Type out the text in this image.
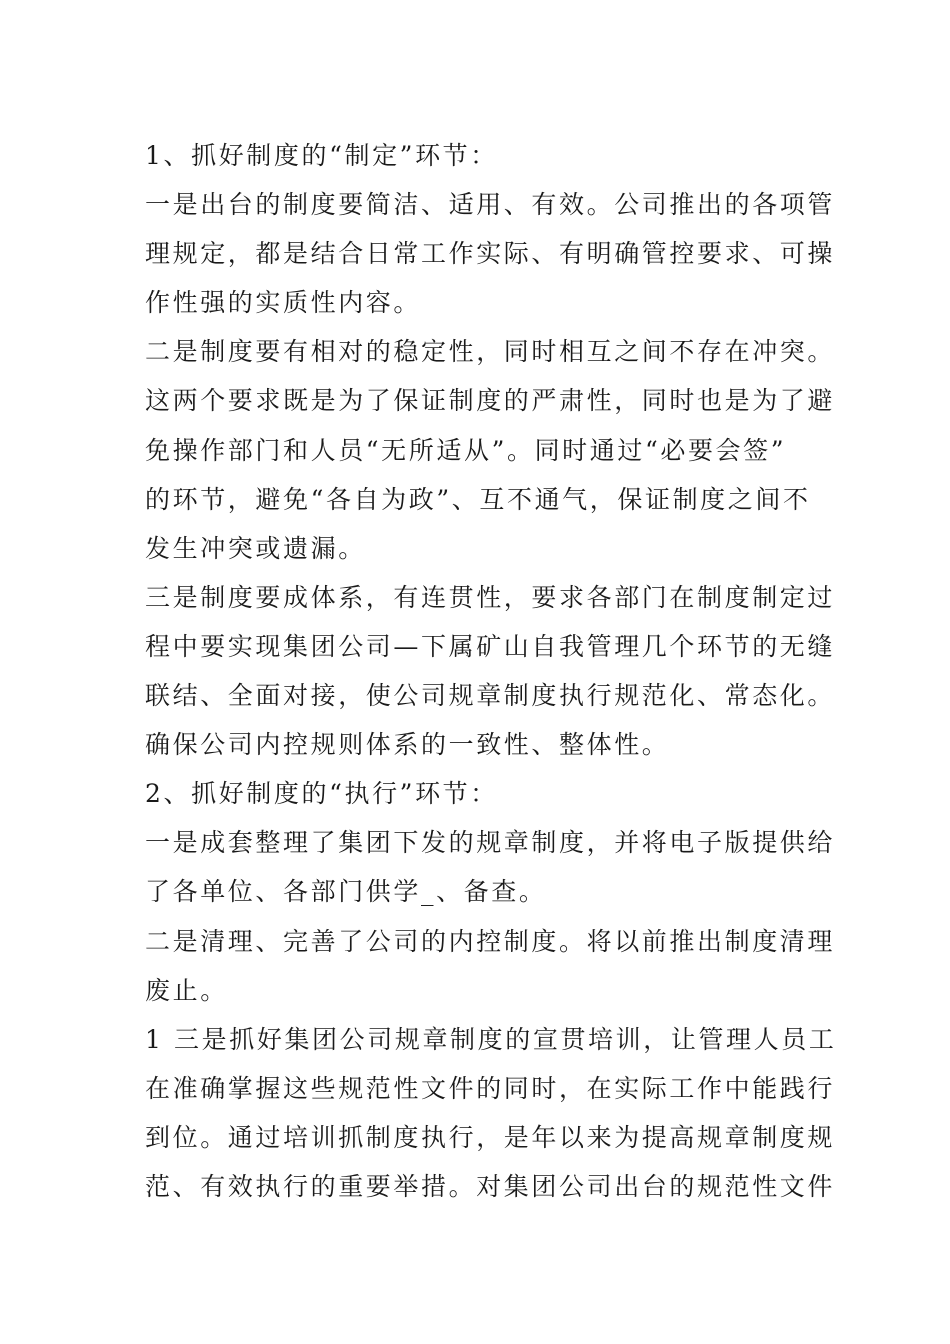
1、抓好制度的“制定”环节：

一是出台的制度要简洁、适用、有效。公司推出的各项管

理规定，都是结合日常工作实际、有明确管控要求、可操

作性强的实质性内容。

二是制度要有相对的稳定性，同时相互之间不存在冲突。

这两个要求既是为了保证制度的严肃性，同时也是为了避

免操作部门和人员“无所适从”。同时通过“必要会签”

的环节，避免“各自为政”、互不通气，保证制度之间不

发生冲突或遗漏。

三是制度要成体系，有连贯性，要求各部门在制度制定过

程中要实现集团公司—下属矿山自我管理几个环节的无缝

联结、全面对接，使公司规章制度执行规范化、常态化。

确保公司内控规则体系的一致性、整体性。

2、抓好制度的“执行”环节：

一是成套整理了集团下发的规章制度，并将电子版提供给

了各单位、各部门供学_、备查。

二是清理、完善了公司的内控制度。将以前推出制度清理

废止。

1 三是抓好集团公司规章制度的宣贯培训，让管理人员工

在准确掌握这些规范性文件的同时，在实际工作中能践行

到位。通过培训抓制度执行，是年以来为提高规章制度规

范、有效执行的重要举措。对集团公司出台的规范性文件
